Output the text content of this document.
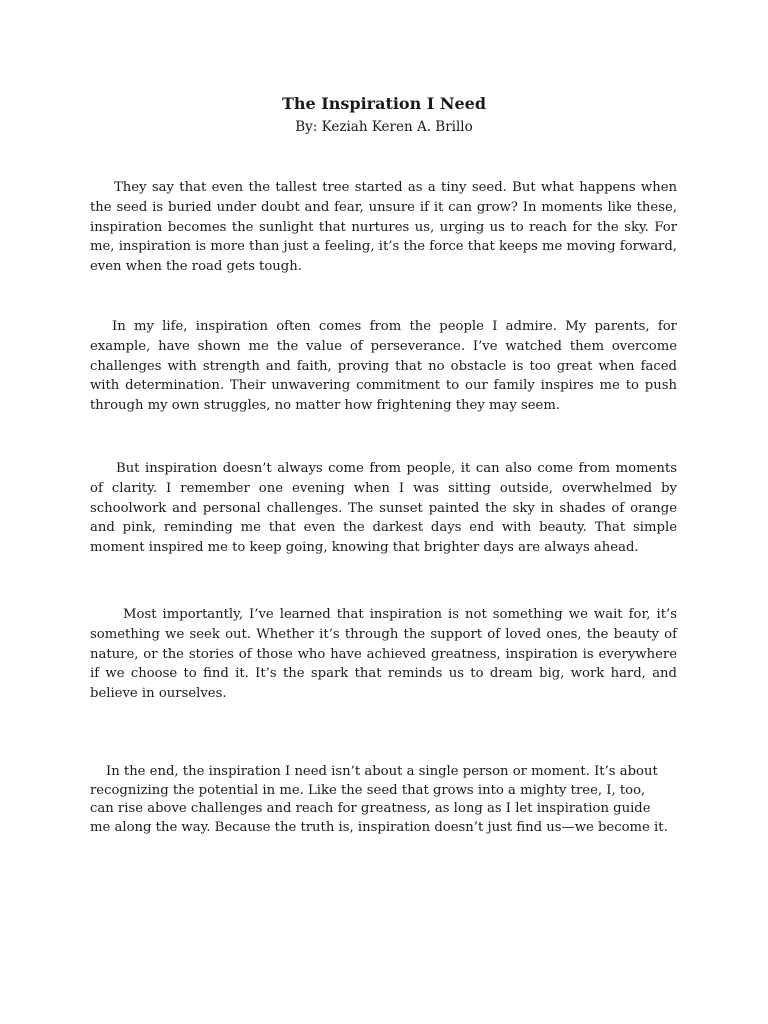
The Inspiration I Need
By: Keziah Keren A. Brillo

They say that even the tallest tree started as a tiny seed. But what happens when the seed is buried under doubt and fear, unsure if it can grow? In moments like these, inspiration becomes the sunlight that nurtures us, urging us to reach for the sky. For me, inspiration is more than just a feeling, it’s the force that keeps me moving forward, even when the road gets tough.

In my life, inspiration often comes from the people I admire. My parents, for example, have shown me the value of perseverance. I’ve watched them overcome challenges with strength and faith, proving that no obstacle is too great when faced with determination. Their unwavering commitment to our family inspires me to push through my own struggles, no matter how frightening they may seem.

But inspiration doesn’t always come from people, it can also come from moments of clarity. I remember one evening when I was sitting outside, overwhelmed by schoolwork and personal challenges. The sunset painted the sky in shades of orange and pink, reminding me that even the darkest days end with beauty. That simple moment inspired me to keep going, knowing that brighter days are always ahead.

Most importantly, I’ve learned that inspiration is not something we wait for, it’s something we seek out. Whether it’s through the support of loved ones, the beauty of nature, or the stories of those who have achieved greatness, inspiration is everywhere if we choose to find it. It’s the spark that reminds us to dream big, work hard, and believe in ourselves.

In the end, the inspiration I need isn’t about a single person or moment. It’s about recognizing the potential in me. Like the seed that grows into a mighty tree, I, too, can rise above challenges and reach for greatness, as long as I let inspiration guide me along the way. Because the truth is, inspiration doesn’t just find us—we become it.
